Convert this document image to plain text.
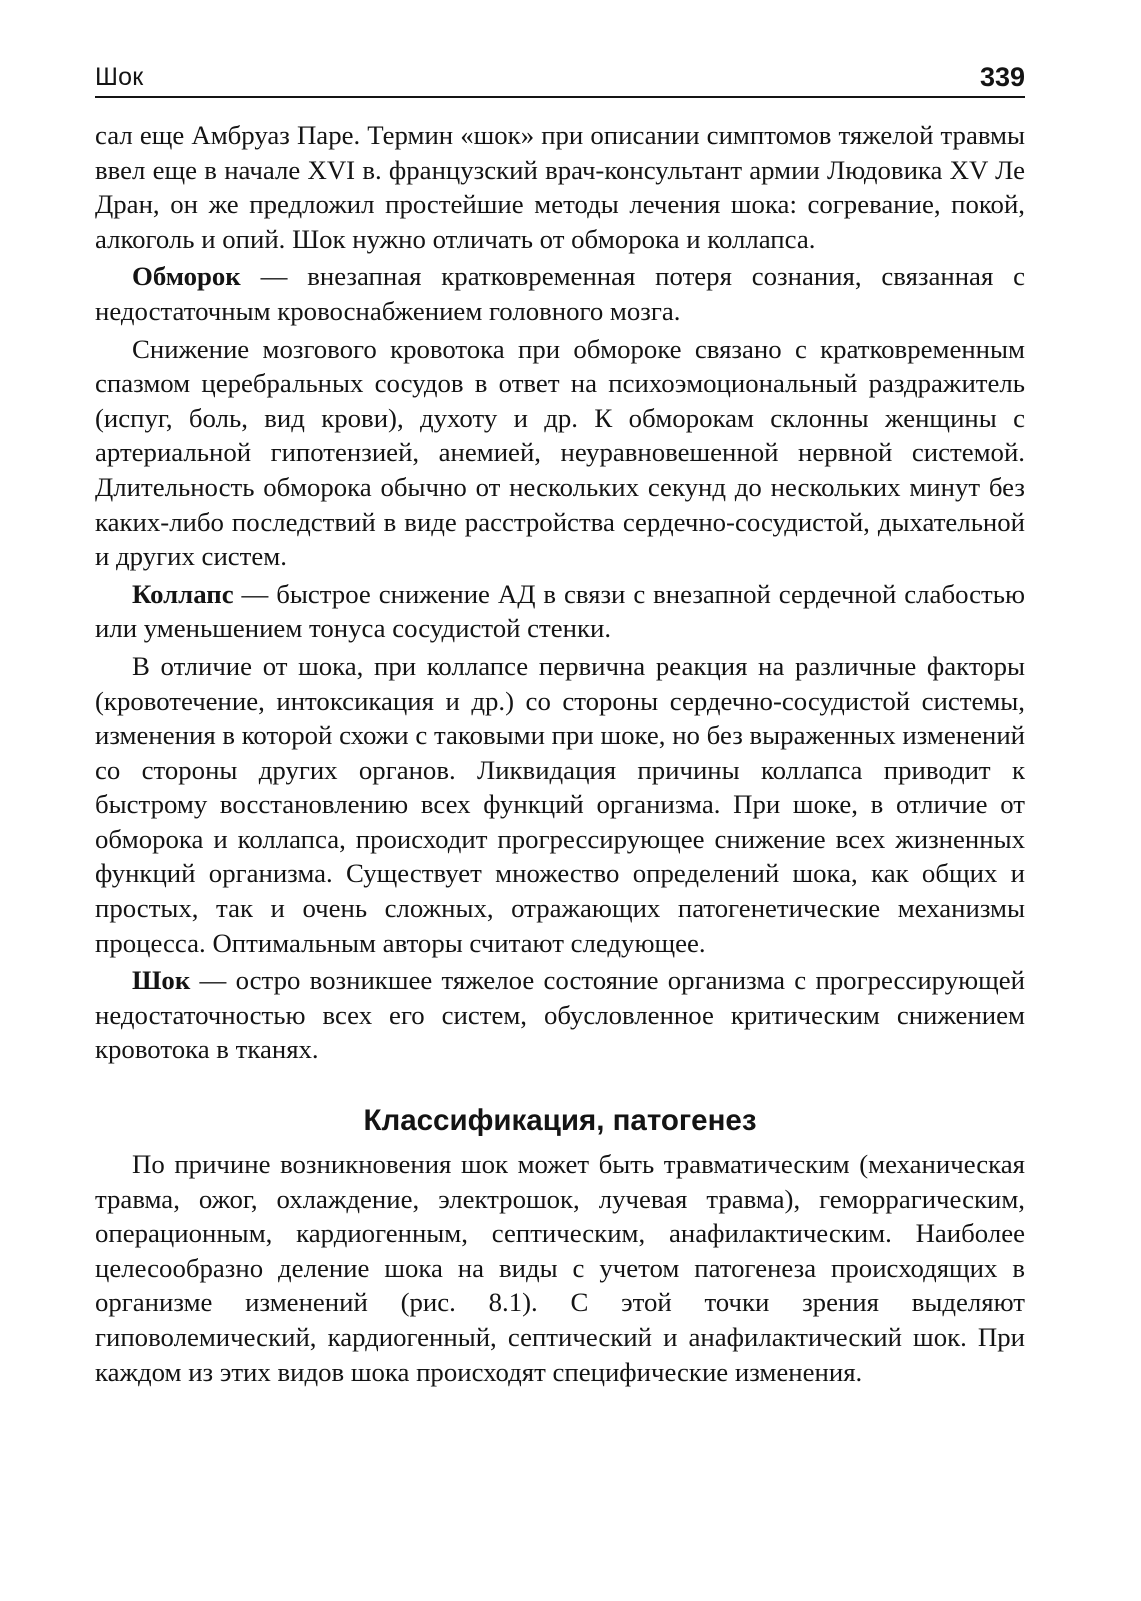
Шок	339

сал еще Амбруаз Паре. Термин «шок» при описании симптомов тяжелой травмы ввел еще в начале XVI в. французский врач-консультант армии Людовика XV Ле Дран, он же предложил простейшие методы лечения шока: согревание, покой, алкоголь и опий. Шок нужно отличать от обморока и коллапса.

Обморок — внезапная кратковременная потеря сознания, связанная с недостаточным кровоснабжением головного мозга.

Снижение мозгового кровотока при обмороке связано с кратковременным спазмом церебральных сосудов в ответ на психоэмоциональный раздражитель (испуг, боль, вид крови), духоту и др. К обморокам склонны женщины с артериальной гипотензией, анемией, неуравновешенной нервной системой. Длительность обморока обычно от нескольких секунд до нескольких минут без каких-либо последствий в виде расстройства сердечно-сосудистой, дыхательной и других систем.

Коллапс — быстрое снижение АД в связи с внезапной сердечной слабостью или уменьшением тонуса сосудистой стенки.

В отличие от шока, при коллапсе первична реакция на различные факторы (кровотечение, интоксикация и др.) со стороны сердечно-сосудистой системы, изменения в которой схожи с таковыми при шоке, но без выраженных изменений со стороны других органов. Ликвидация причины коллапса приводит к быстрому восстановлению всех функций организма. При шоке, в отличие от обморока и коллапса, происходит прогрессирующее снижение всех жизненных функций организма. Существует множество определений шока, как общих и простых, так и очень сложных, отражающих патогенетические механизмы процесса. Оптимальным авторы считают следующее.

Шок — остро возникшее тяжелое состояние организма с прогрессирующей недостаточностью всех его систем, обусловленное критическим снижением кровотока в тканях.

Классификация, патогенез

По причине возникновения шок может быть травматическим (механическая травма, ожог, охлаждение, электрошок, лучевая травма), геморрагическим, операционным, кардиогенным, септическим, анафилактическим. Наиболее целесообразно деление шока на виды с учетом патогенеза происходящих в организме изменений (рис. 8.1). С этой точки зрения выделяют гиповолемический, кардиогенный, септический и анафилактический шок. При каждом из этих видов шока происходят специфические изменения.
